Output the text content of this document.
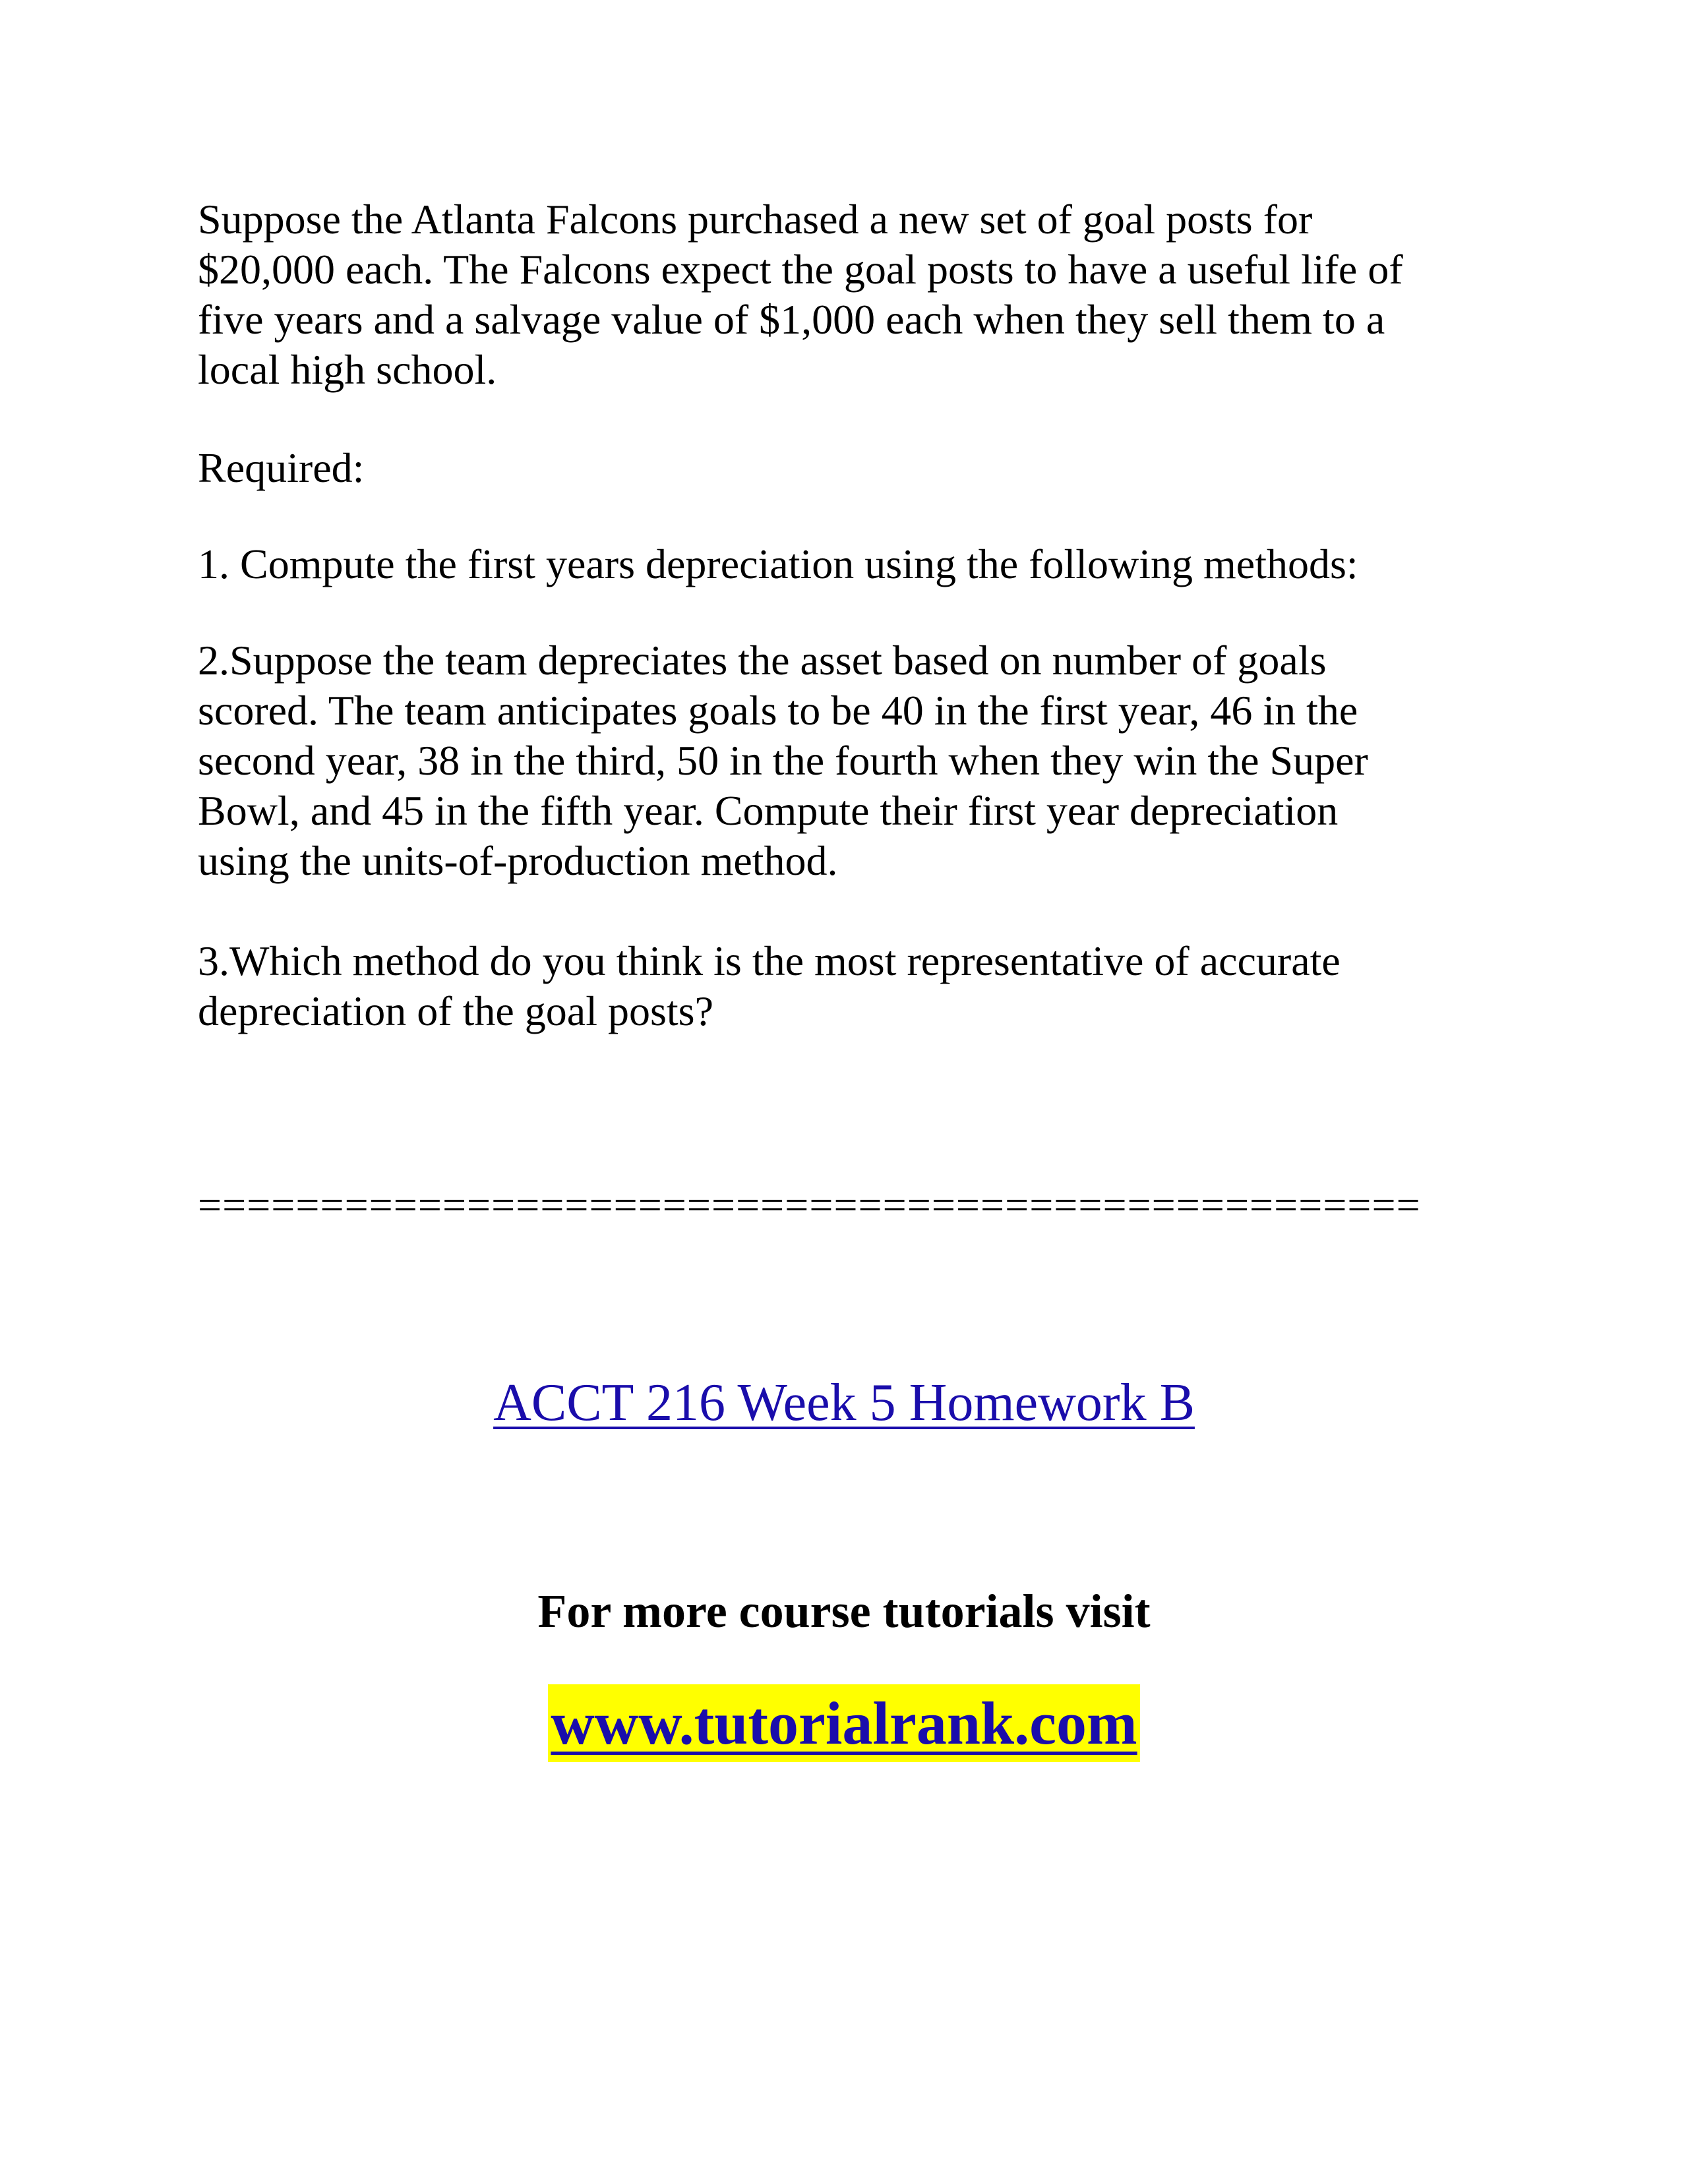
Suppose the Atlanta Falcons purchased a new set of goal posts for
$20,000 each. The Falcons expect the goal posts to have a useful life of
five years and a salvage value of $1,000 each when they sell them to a
local high school.

Required:

1. Compute the first years depreciation using the following methods:

2.Suppose the team depreciates the asset based on number of goals
scored. The team anticipates goals to be 40 in the first year, 46 in the
second year, 38 in the third, 50 in the fourth when they win the Super
Bowl, and 45 in the fifth year. Compute their first year depreciation
using the units-of-production method.

3.Which method do you think is the most representative of accurate
depreciation of the goal posts?

==================================================
ACCT 216 Week 5 Homework B
For more course tutorials visit
www.tutorialrank.com
